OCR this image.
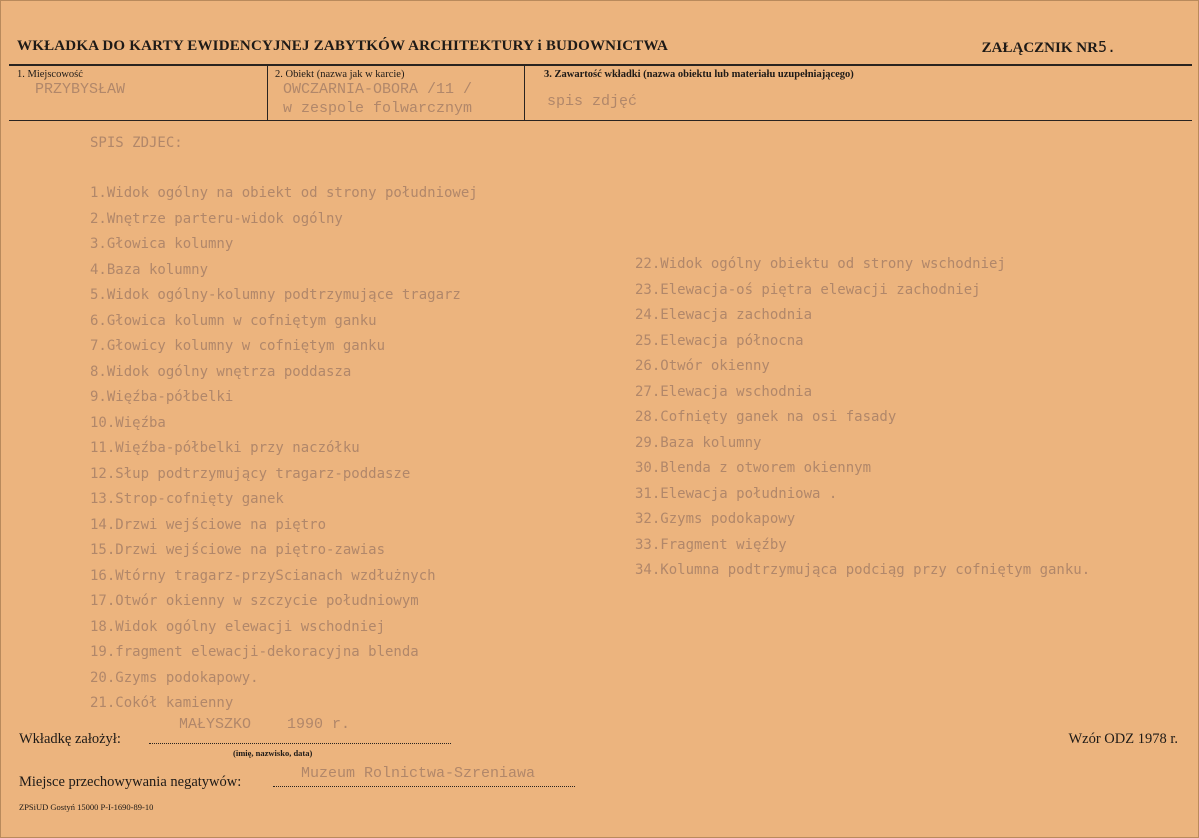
WKŁADKA DO KARTY EWIDENCYJNEJ ZABYTKÓW ARCHITEKTURY i BUDOWNICTWA	ZAŁĄCZNIK NR5.
1. Miejscowość
PRZYBYSŁAW
2. Obiekt (nazwa jak w karcie)
OWCZARNIA-OBORA /11 /
w zespole folwarcznym
3. Zawartość wkładki (nazwa obiektu lub materiału uzupełniającego)
spis zdjęć
SPIS ZDJEC:
1.Widok ogólny na obiekt od strony południowej
2.Wnętrze parteru-widok ogólny
3.Głowica kolumny
4.Baza kolumny
5.Widok ogólny-kolumny podtrzymujące tragarz
6.Głowica kolumn w cofniętym ganku
7.Głowicy kolumny w cofniętym ganku
8.Widok ogólny wnętrza poddasza
9.Więźba-półbelki
10.Więźba
11.Więźba-półbelki przy naczółku
12.Słup podtrzymujący tragarz-poddasze
13.Strop-cofnięty ganek
14.Drzwi wejściowe na piętro
15.Drzwi wejściowe na piętro-zawias
16.Wtórny tragarz-przyScianach wzdłużnych
17.Otwór okienny w szczycie południowym
18.Widok ogólny elewacji wschodniej
19.fragment elewacji-dekoracyjna blenda
20.Gzyms podokapowy.
21.Cokół kamienny
22.Widok ogólny obiektu od strony wschodniej
23.Elewacja-oś piętra elewacji zachodniej
24.Elewacja zachodnia
25.Elewacja północna
26.Otwór okienny
27.Elewacja wschodnia
28.Cofnięty ganek na osi fasady
29.Baza kolumny
30.Blenda z otworem okiennym
31.Elewacja południowa .
32.Gzyms podokapowy
33.Fragment więźby
34.Kolumna podtrzymująca podciąg przy cofniętym ganku.
Wkładkę założył:
MAŁYSZKO    1990 r.
(imię, nazwisko, data)
Wzór ODZ 1978 r.
Miejsce przechowywania negatywów:	Muzeum Rolnictwa-Szreniawa
ZPSiUD Gostyń 15000 P-I-1690-89-10
